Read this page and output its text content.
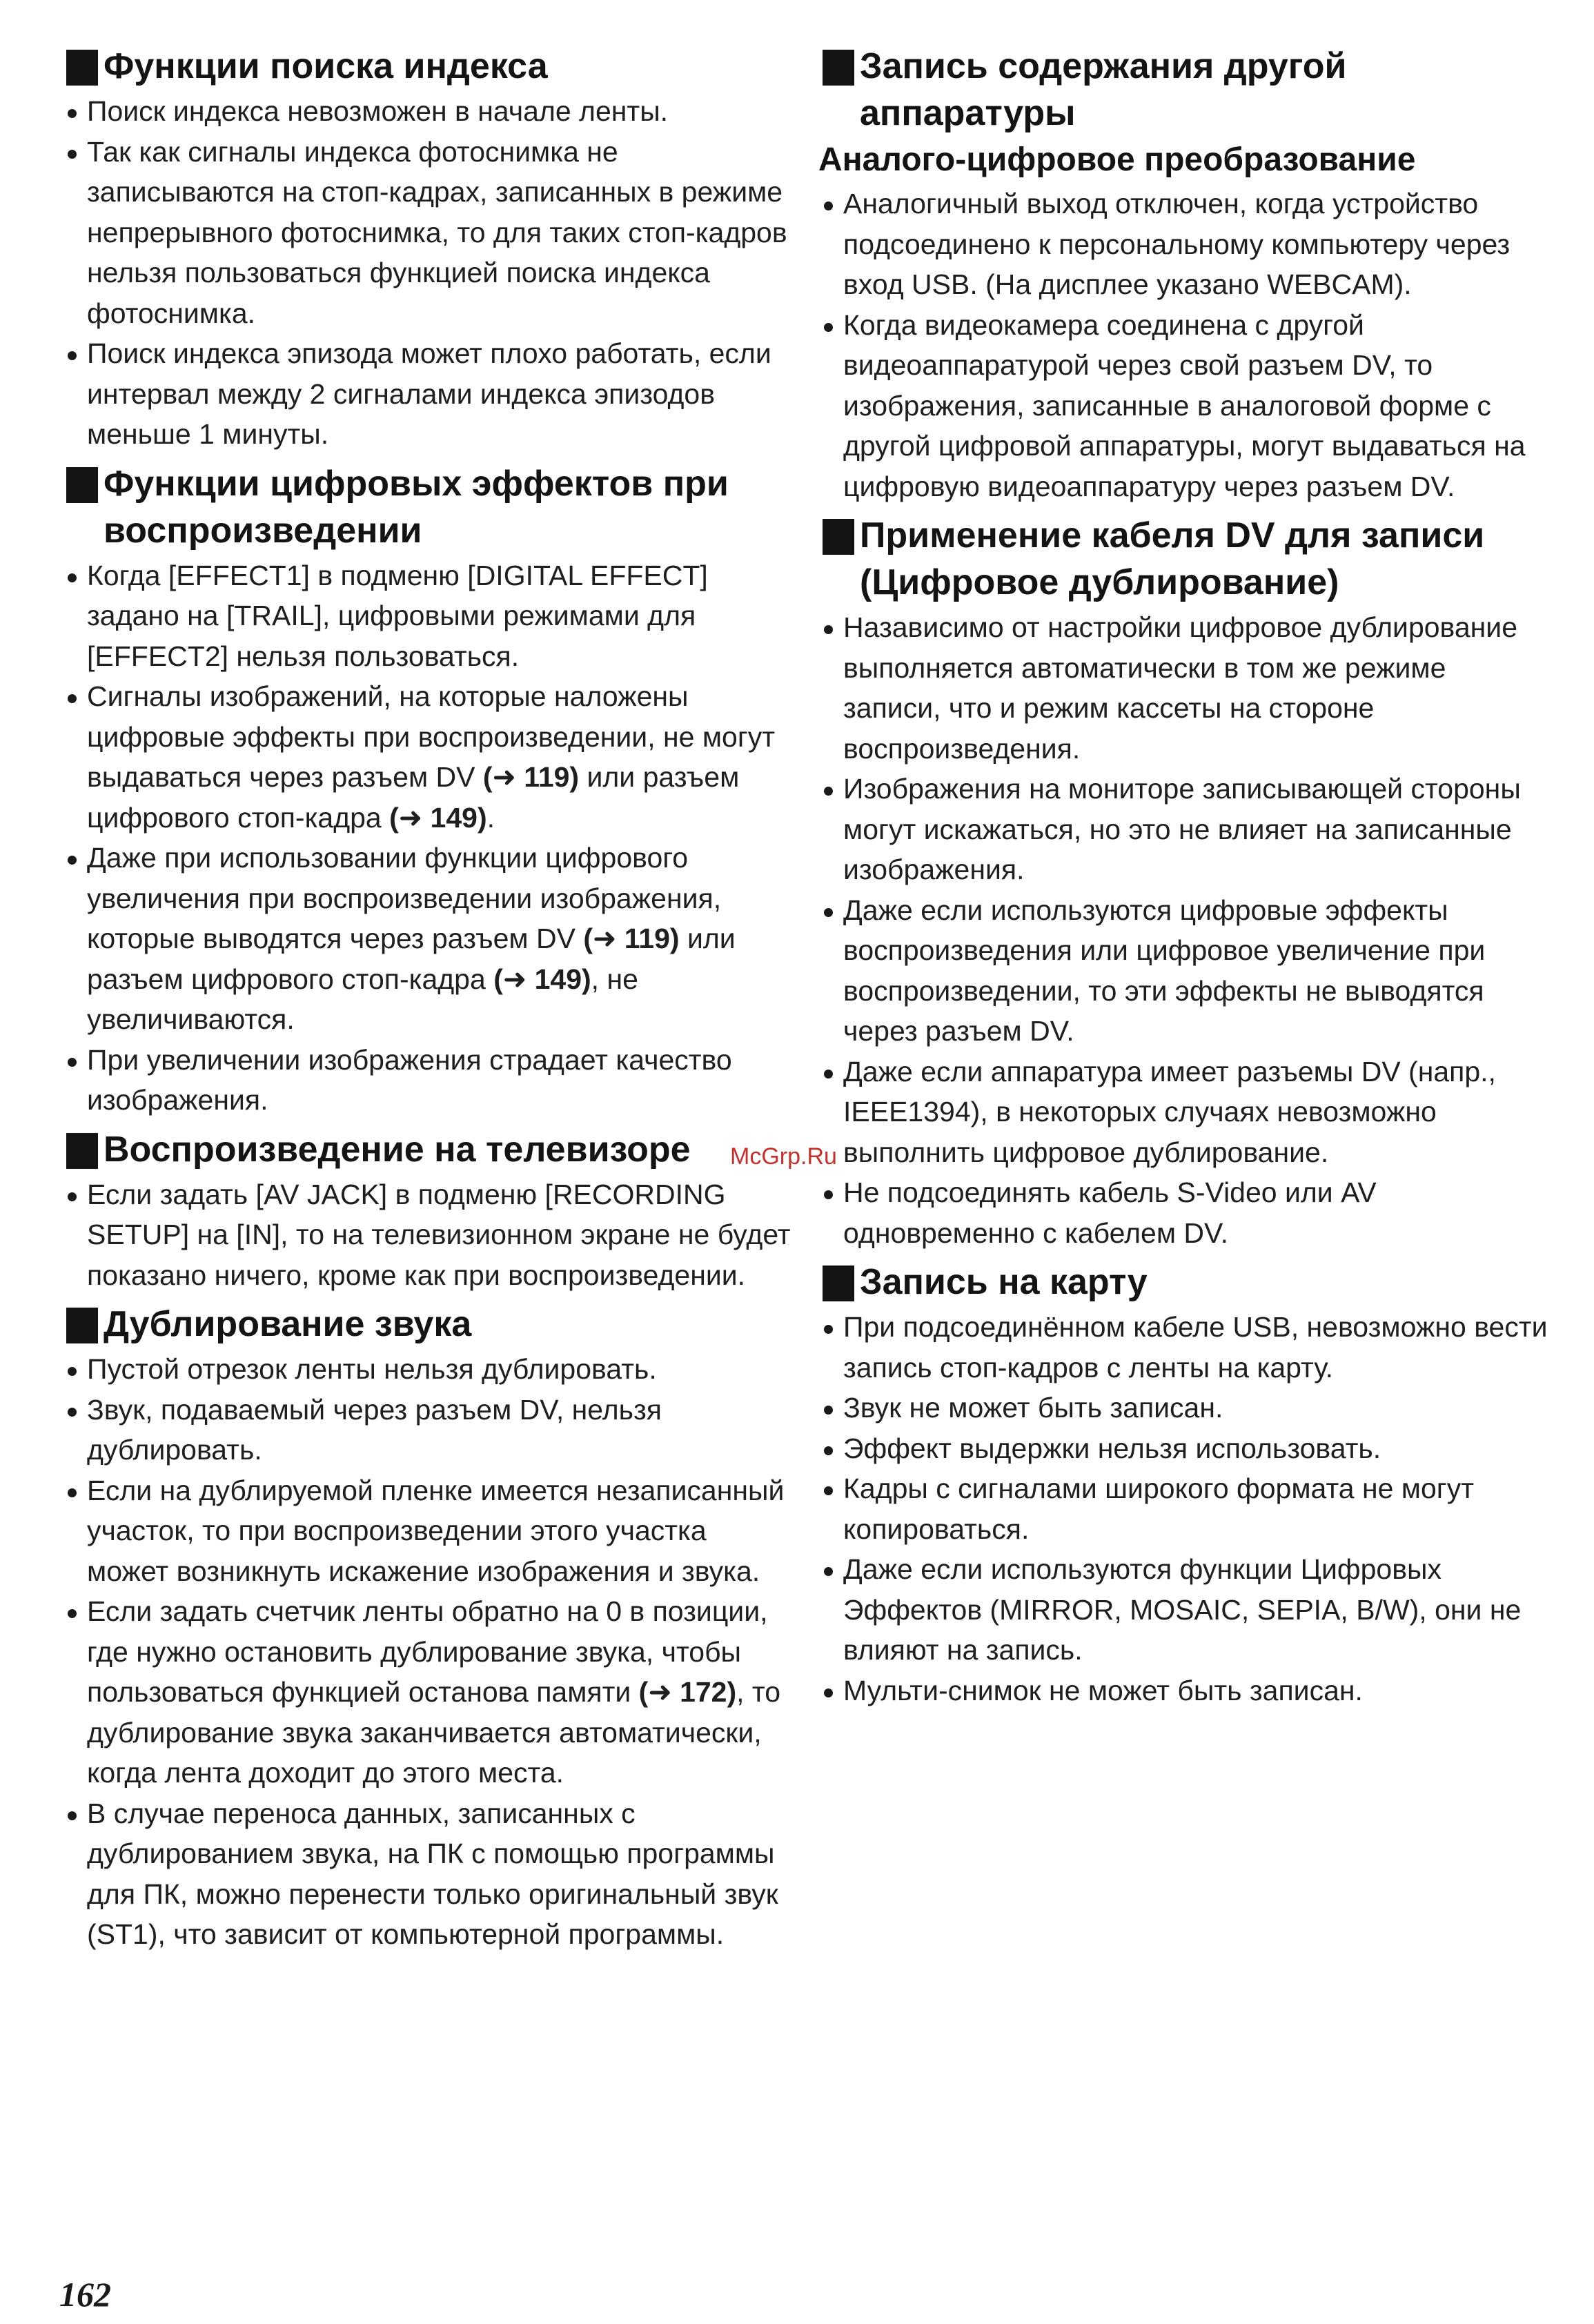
Функции поиска индекса
Поиск индекса невозможен в начале ленты.
Так как сигналы индекса фотоснимка не записываются на стоп-кадрах, записанных в режиме непрерывного фотоснимка, то для таких стоп-кадров нельзя пользоваться функцией поиска индекса фотоснимка.
Поиск индекса эпизода может плохо работать, если интервал между 2 сигналами индекса эпизодов меньше 1 минуты.
Функции цифровых эффектов при воспроизведении
Когда [EFFECT1] в подменю [DIGITAL EFFECT] задано на [TRAIL], цифровыми режимами для [EFFECT2] нельзя пользоваться.
Сигналы изображений, на которые наложены цифровые эффекты при воспроизведении, не могут выдаваться через разъем DV (➜ 119) или разъем цифрового стоп-кадра (➜ 149).
Даже при использовании функции цифрового увеличения при воспроизведении изображения, которые выводятся через разъем DV (➜ 119) или разъем цифрового стоп-кадра (➜ 149), не увеличиваются.
При увеличении изображения страдает качество изображения.
Воспроизведение на телевизоре
Если задать [AV JACK] в подменю [RECORDING SETUP] на [IN], то на телевизионном экране не будет показано ничего, кроме как при воспроизведении.
Дублирование звука
Пустой отрезок ленты нельзя дублировать.
Звук, подаваемый через разъем DV, нельзя дублировать.
Если на дублируемой пленке имеется незаписанный участок, то при воспроизведении этого участка может возникнуть искажение изображения и звука.
Если задать счетчик ленты обратно на 0 в позиции, где нужно остановить дублирование звука, чтобы пользоваться функцией останова памяти (➜ 172), то дублирование звука заканчивается автоматически, когда лента доходит до этого места.
В случае переноса данных, записанных с дублированием звука, на ПК с помощью программы для ПК, можно перенести только оригинальный звук (ST1), что зависит от компьютерной программы.
Запись содержания другой аппаратуры
Аналого-цифровое преобразование
Аналогичный выход отключен, когда устройство подсоединено к персональному компьютеру через вход USB. (На дисплее указано WEBCAM).
Когда видеокамера соединена с другой видеоаппаратурой через свой разъем DV, то изображения, записанные в аналоговой форме с другой цифровой аппаратуры, могут выдаваться на цифровую видеоаппаратуру через разъем DV.
Применение кабеля DV для записи (Цифровое дублирование)
Назависимо от настройки цифровое дублирование выполняется автоматически в том же режиме записи, что и режим кассеты на стороне воспроизведения.
Изображения на мониторе записывающей стороны могут искажаться, но это не влияет на записанные изображения.
Даже если используются цифровые эффекты воспроизведения или цифровое увеличение при воспроизведении, то эти эффекты не выводятся через разъем DV.
Даже если аппаратура имеет разъемы DV (напр., IEEE1394), в некоторых случаях невозможно выполнить цифровое дублирование.
Не подсоединять кабель S-Video или AV одновременно с кабелем DV.
Запись на карту
При подсоединённом кабеле USB, невозможно вести запись стоп-кадров с ленты на карту.
Звук не может быть записан.
Эффект выдержки нельзя использовать.
Кадры с сигналами широкого формата не могут копироваться.
Даже если используются функции Цифровых Эффектов (MIRROR, MOSAIC, SEPIA, B/W), они не влияют на запись.
Мульти-снимок не может быть записан.
162
McGrp.Ru
